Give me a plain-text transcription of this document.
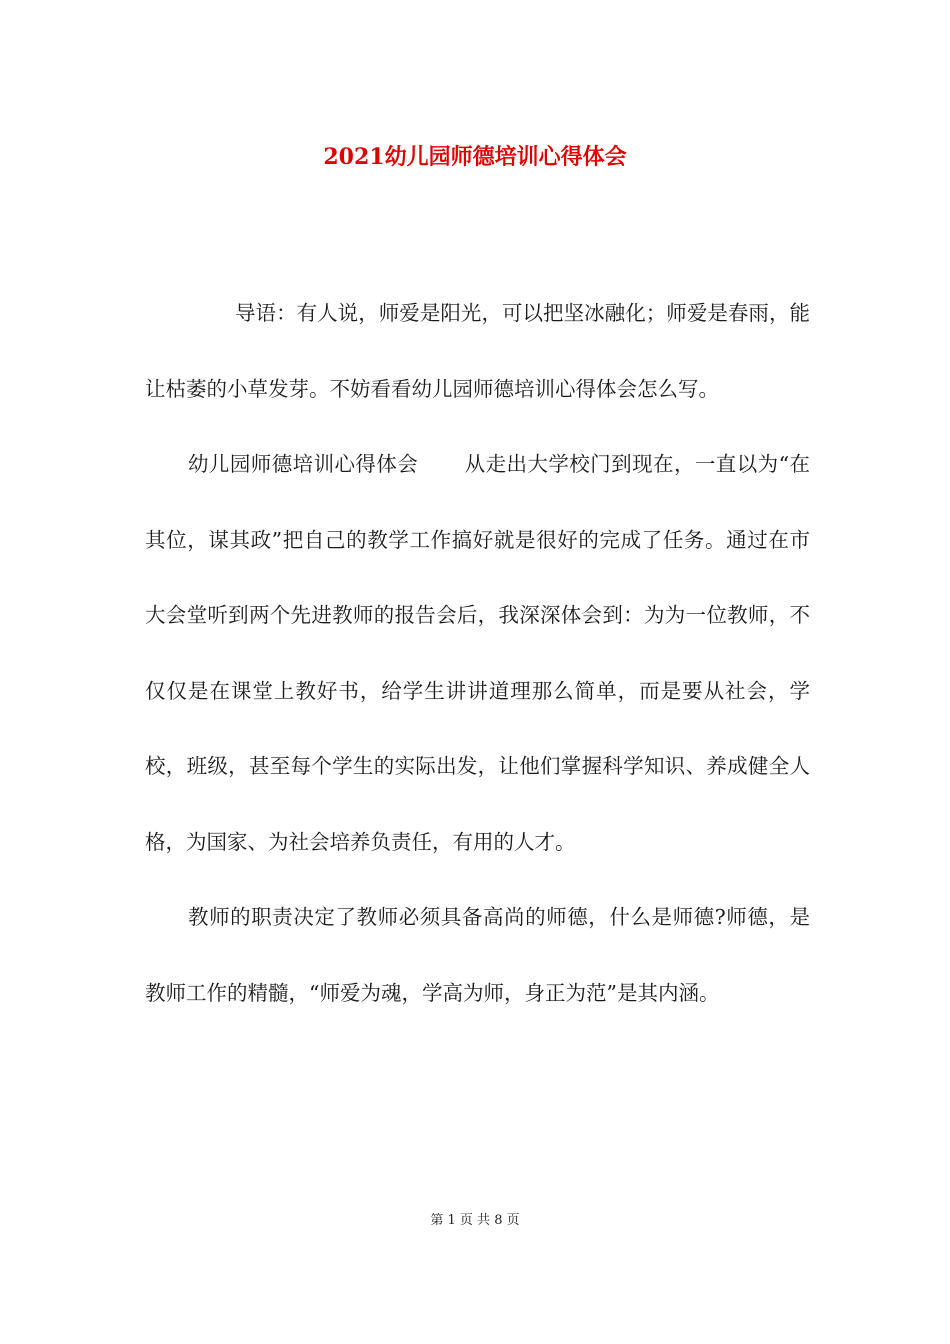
2021幼儿园师德培训心得体会

导语：有人说，师爱是阳光，可以把坚冰融化；师爱是春雨，能让枯萎的小草发芽。不妨看看幼儿园师德培训心得体会怎么写。

幼儿园师德培训心得体会 从走出大学校门到现在，一直以为“在其位，谋其政”把自己的教学工作搞好就是很好的完成了任务。通过在市大会堂听到两个先进教师的报告会后，我深深体会到：为为一位教师，不仅仅是在课堂上教好书，给学生讲讲道理那么简单，而是要从社会，学校，班级，甚至每个学生的实际出发，让他们掌握科学知识、养成健全人格，为国家、为社会培养负责任，有用的人才。

教师的职责决定了教师必须具备高尚的师德，什么是师德?师德，是教师工作的精髓，“师爱为魂，学高为师，身正为范”是其内涵。

第 1 页 共 8 页
